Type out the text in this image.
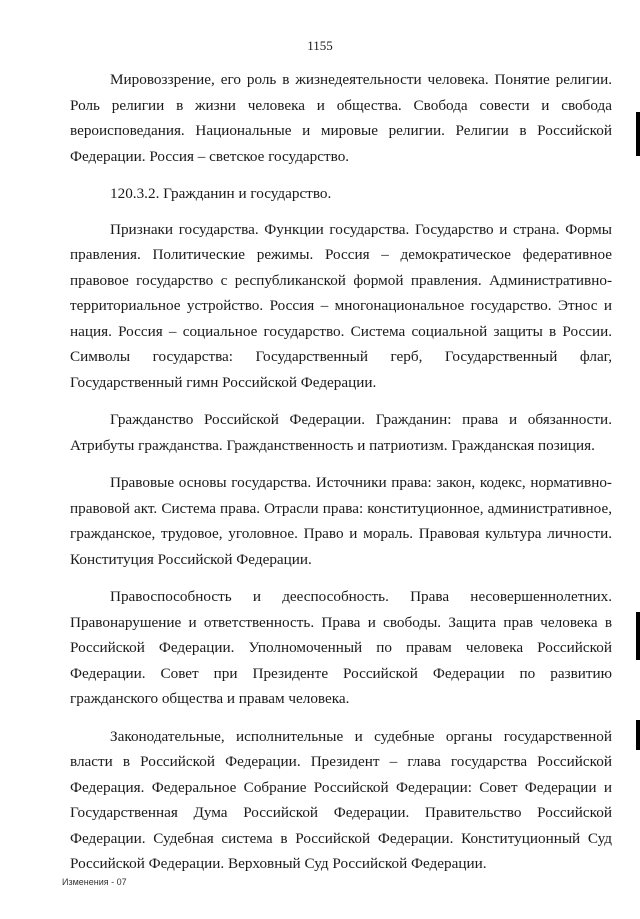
1155

Мировоззрение, его роль в жизнедеятельности человека. Понятие религии. Роль религии в жизни человека и общества. Свобода совести и свобода вероисповедания. Национальные и мировые религии. Религии в Российской Федерации. Россия – светское государство.

120.3.2. Гражданин и государство.

Признаки государства. Функции государства. Государство и страна. Формы правления. Политические режимы. Россия – демократическое федеративное правовое государство с республиканской формой правления. Административно-территориальное устройство. Россия – многонациональное государство. Этнос и нация. Россия – социальное государство. Система социальной защиты в России. Символы государства: Государственный герб, Государственный флаг, Государственный гимн Российской Федерации.

Гражданство Российской Федерации. Гражданин: права и обязанности. Атрибуты гражданства. Гражданственность и патриотизм. Гражданская позиция.

Правовые основы государства. Источники права: закон, кодекс, нормативно-правовой акт. Система права. Отрасли права: конституционное, административное, гражданское, трудовое, уголовное. Право и мораль. Правовая культура личности. Конституция Российской Федерации.

Правоспособность и дееспособность. Права несовершеннолетних. Правонарушение и ответственность. Права и свободы. Защита прав человека в Российской Федерации. Уполномоченный по правам человека Российской Федерации. Совет при Президенте Российской Федерации по развитию гражданского общества и правам человека.

Законодательные, исполнительные и судебные органы государственной власти в Российской Федерации. Президент – глава государства Российской Федерация. Федеральное Собрание Российской Федерации: Совет Федерации и Государственная Дума Российской Федерации. Правительство Российской Федерации. Судебная система в Российской Федерации. Конституционный Суд Российской Федерации. Верховный Суд Российской Федерации.

Изменения - 07
